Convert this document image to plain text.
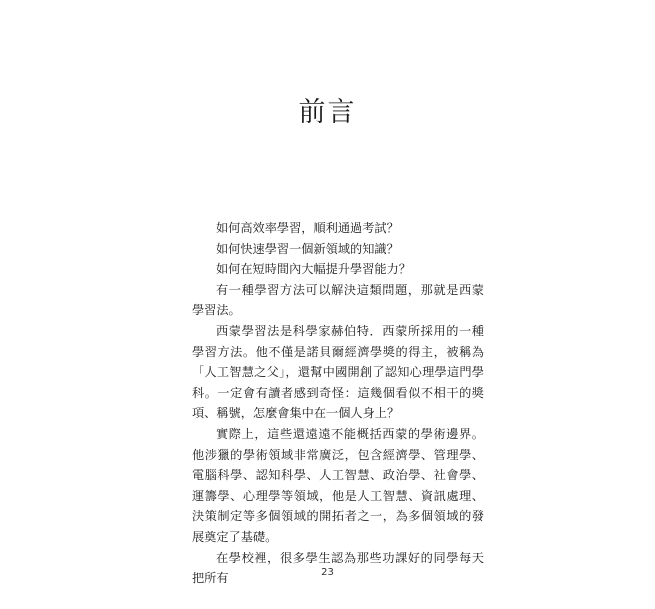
前言

如何高效率學習，順利通過考試？

如何快速學習一個新領域的知識？

如何在短時間內大幅提升學習能力？

有一種學習方法可以解決這類問題，那就是西蒙學習法。

西蒙學習法是科學家赫伯特．西蒙所採用的一種學習方法。他不僅是諾貝爾經濟學獎的得主，被稱為「人工智慧之父」，還幫中國開創了認知心理學這門學科。一定會有讀者感到奇怪：這幾個看似不相干的獎項、稱號，怎麼會集中在一個人身上？

實際上，這些還遠遠不能概括西蒙的學術邊界。他涉獵的學術領域非常廣泛，包含經濟學、管理學、電腦科學、認知科學、人工智慧、政治學、社會學、運籌學、心理學等領域，他是人工智慧、資訊處理、決策制定等多個領域的開拓者之一，為多個領域的發展奠定了基礎。

在學校裡，很多學生認為那些功課好的同學每天把所有	23
